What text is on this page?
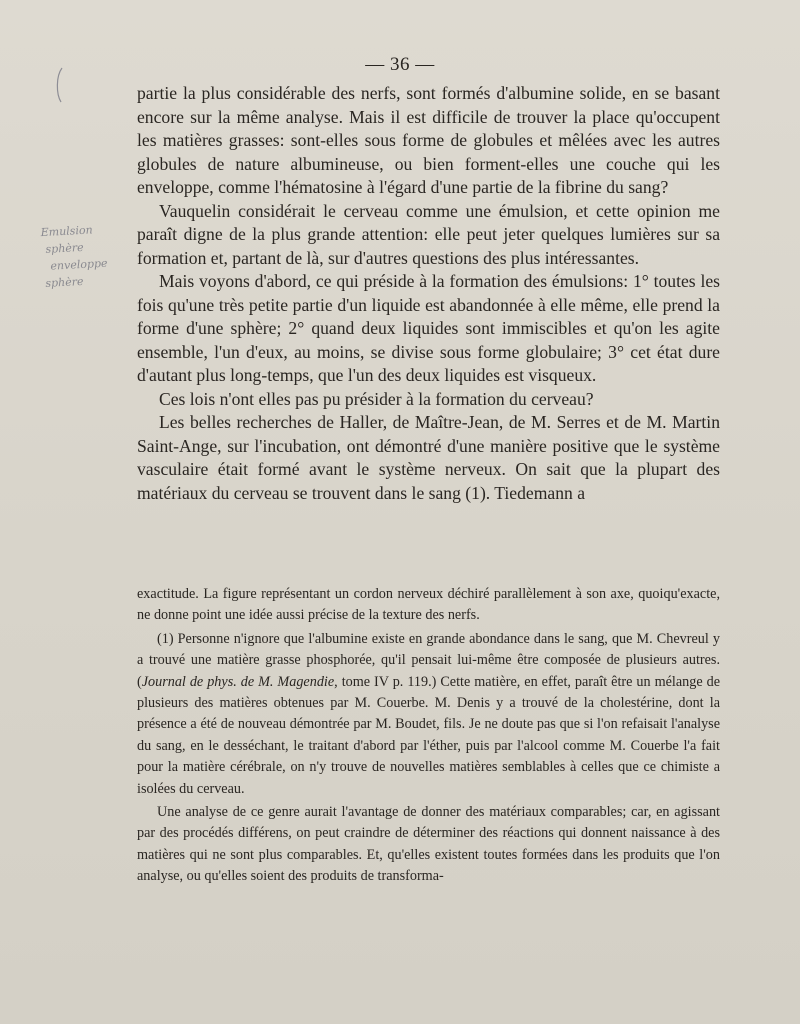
— 36 —
Emulsion
sphère
enveloppe
sphère

partie la plus considérable des nerfs, sont formés d'albumine solide, en se basant encore sur la même analyse. Mais il est difficile de trouver la place qu'occupent les matières grasses: sont-elles sous forme de globules et mêlées avec les autres globules de nature albumineuse, ou bien forment-elles une couche qui les enveloppe, comme l'hématosine à l'égard d'une partie de la fibrine du sang?

Vauquelin considérait le cerveau comme une émulsion, et cette opinion me paraît digne de la plus grande attention: elle peut jeter quelques lumières sur sa formation et, partant de là, sur d'autres questions des plus intéressantes.

Mais voyons d'abord, ce qui préside à la formation des émulsions: 1° toutes les fois qu'une très petite partie d'un liquide est abandonnée à elle même, elle prend la forme d'une sphère; 2° quand deux liquides sont immiscibles et qu'on les agite ensemble, l'un d'eux, au moins, se divise sous forme globulaire; 3° cet état dure d'autant plus long-temps, que l'un des deux liquides est visqueux.

Ces lois n'ont elles pas pu présider à la formation du cerveau?

Les belles recherches de Haller, de Maître-Jean, de M. Serres et de M. Martin Saint-Ange, sur l'incubation, ont démontré d'une manière positive que le système vasculaire était formé avant le système nerveux. On sait que la plupart des matériaux du cerveau se trouvent dans le sang (1). Tiedemann a

exactitude. La figure représentant un cordon nerveux déchiré parallèlement à son axe, quoiqu'exacte, ne donne point une idée aussi précise de la texture des nerfs.

(1) Personne n'ignore que l'albumine existe en grande abondance dans le sang, que M. Chevreul y a trouvé une matière grasse phosphorée, qu'il pensait lui-même être composée de plusieurs autres. (Journal de phys. de M. Magendie, tome IV p. 119.) Cette matière, en effet, paraît être un mélange de plusieurs des matières obtenues par M. Couerbe. M. Denis y a trouvé de la cholestérine, dont la présence a été de nouveau démontrée par M. Boudet, fils. Je ne doute pas que si l'on refaisait l'analyse du sang, en le desséchant, le traitant d'abord par l'éther, puis par l'alcool comme M. Couerbe l'a fait pour la matière cérébrale, on n'y trouve de nouvelles matières semblables à celles que ce chimiste a isolées du cerveau.

Une analyse de ce genre aurait l'avantage de donner des matériaux comparables; car, en agissant par des procédés différens, on peut craindre de déterminer des réactions qui donnent naissance à des matières qui ne sont plus comparables. Et, qu'elles existent toutes formées dans les produits que l'on analyse, ou qu'elles soient des produits de transforma-
